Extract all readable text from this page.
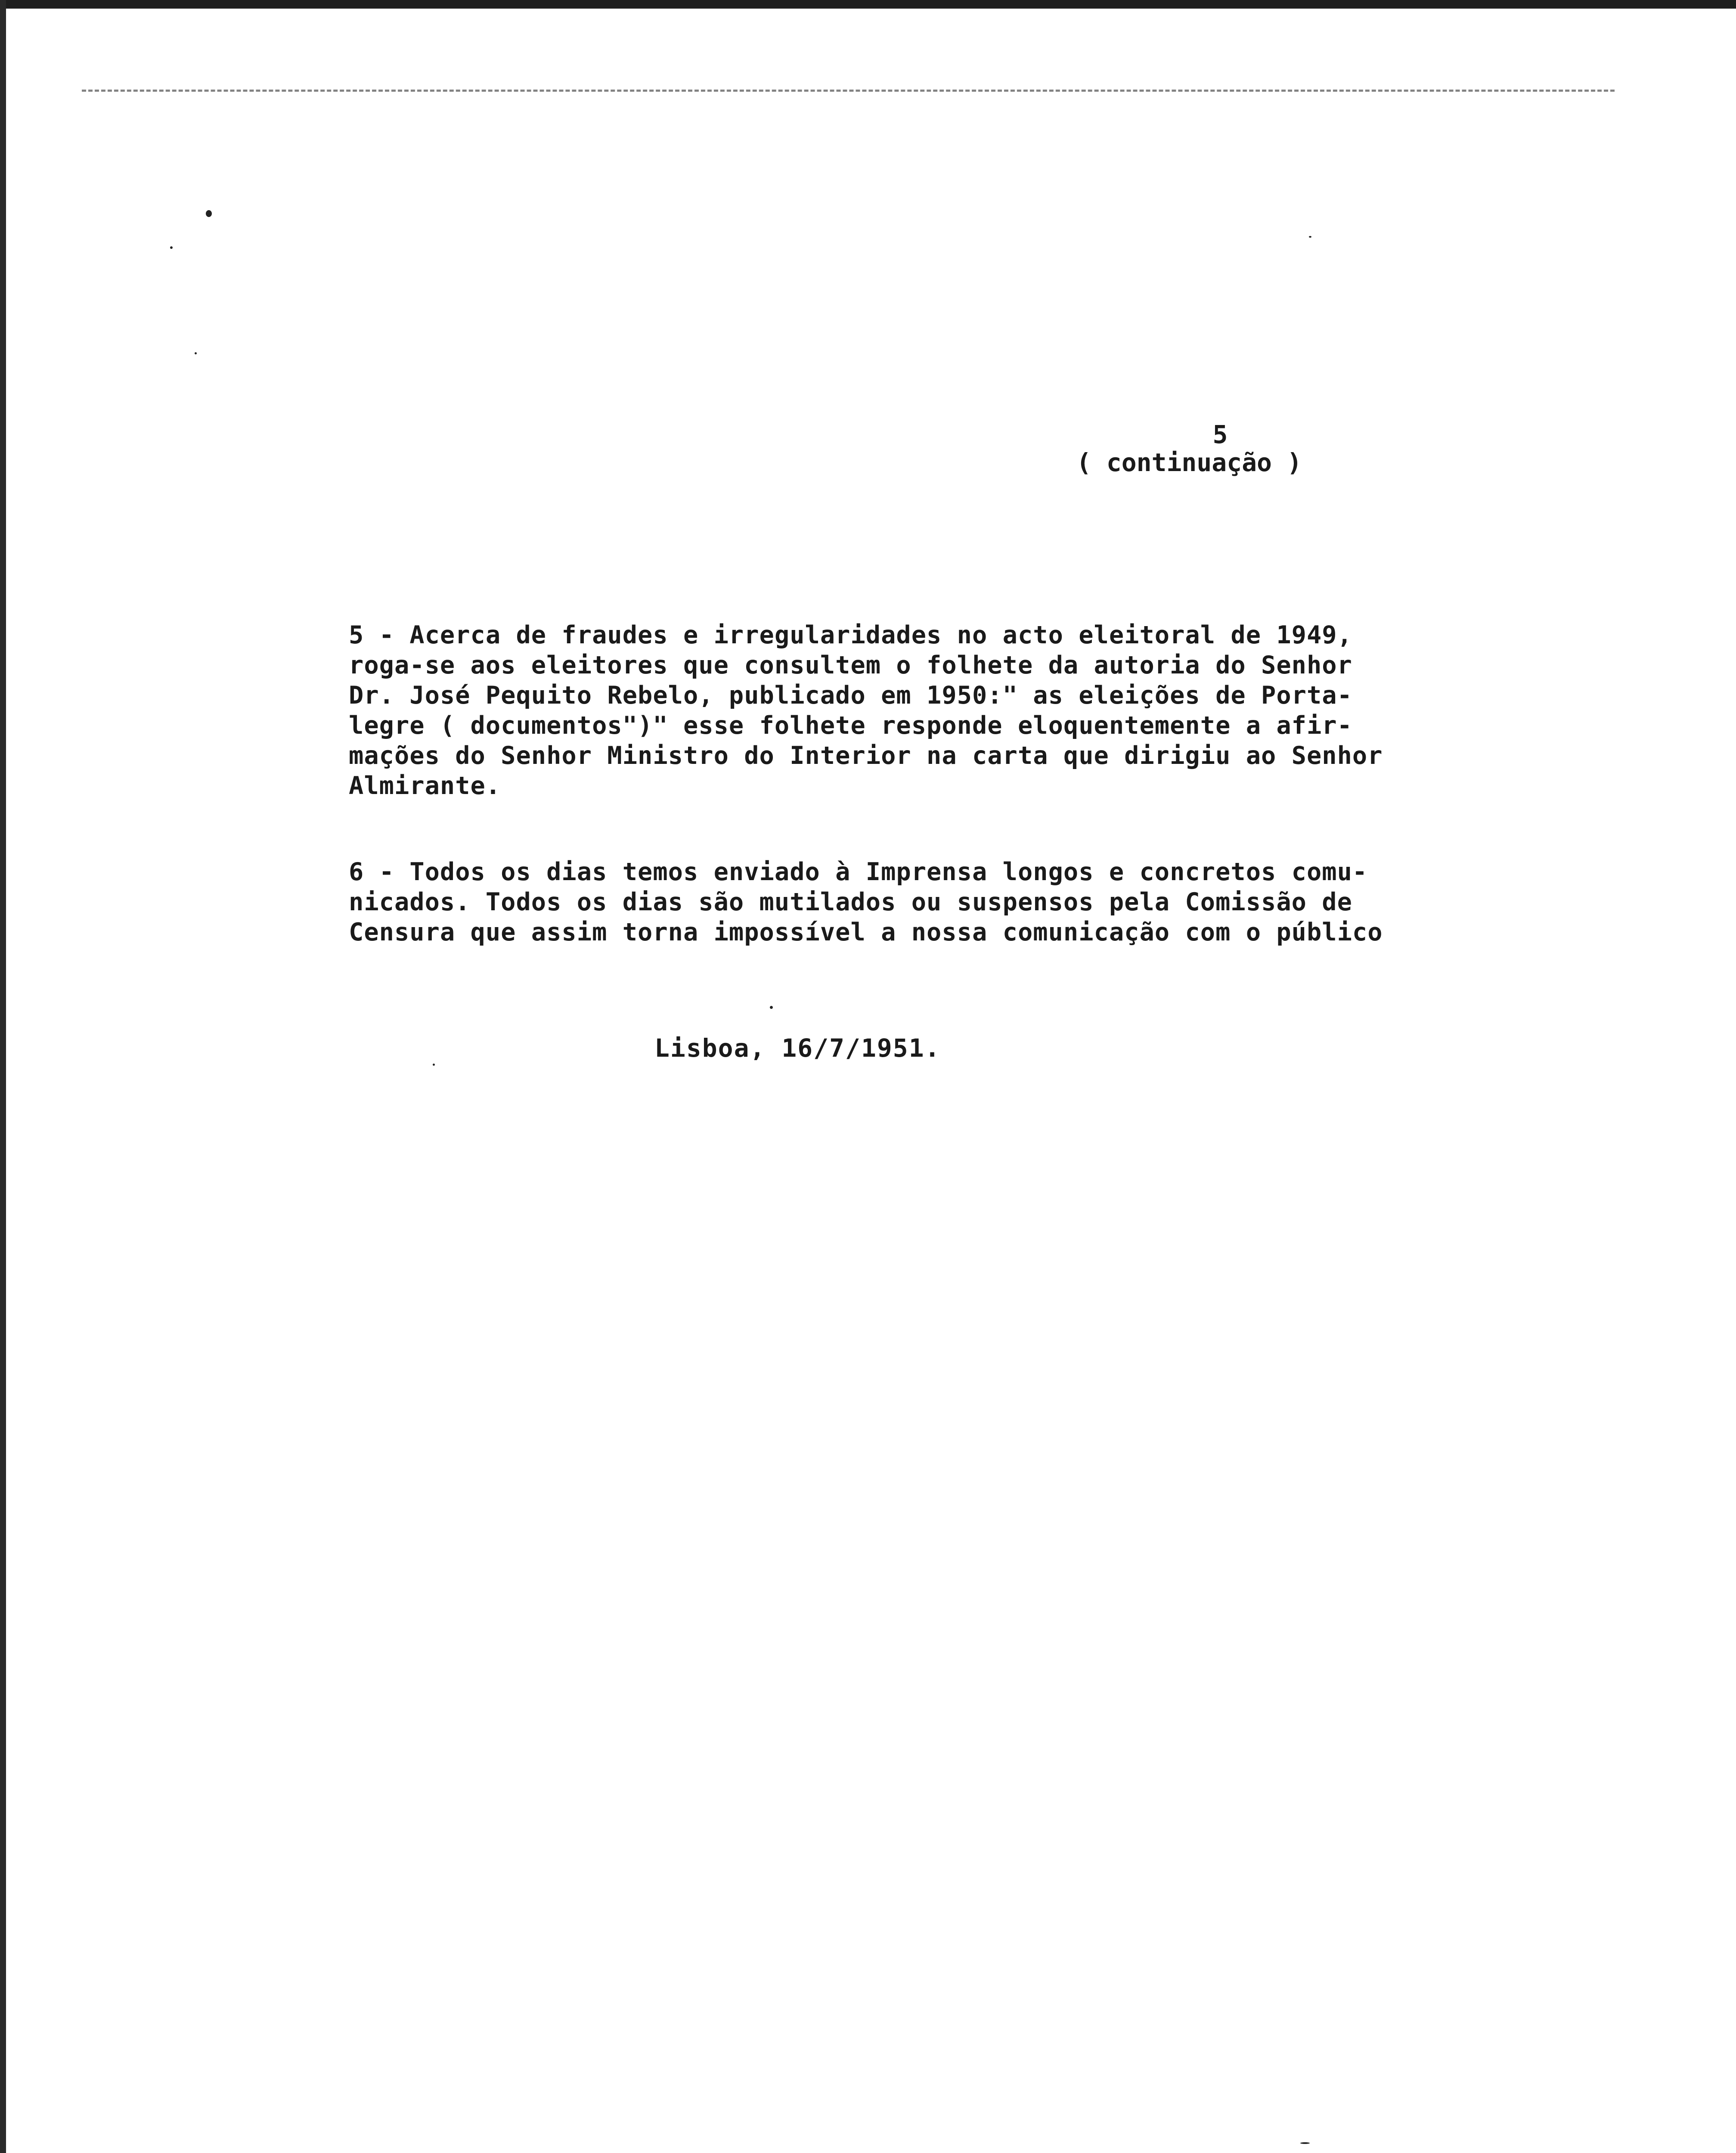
5
( continuação )
5 - Acerca de fraudes e irregularidades no acto eleitoral de 1949,
roga-se aos eleitores que consultem o folhete da autoria do Senhor
Dr. José Pequito Rebelo, publicado em 1950:" as eleições de Porta-
legre ( documentos")" esse folhete responde eloquentemente a afir-
mações do Senhor Ministro do Interior na carta que dirigiu ao Senhor
Almirante.
6 - Todos os dias temos enviado à Imprensa longos e concretos comu-
nicados. Todos os dias são mutilados ou suspensos pela Comissão de
Censura que assim torna impossível a nossa comunicação com o público
Lisboa, 16/7/1951.
